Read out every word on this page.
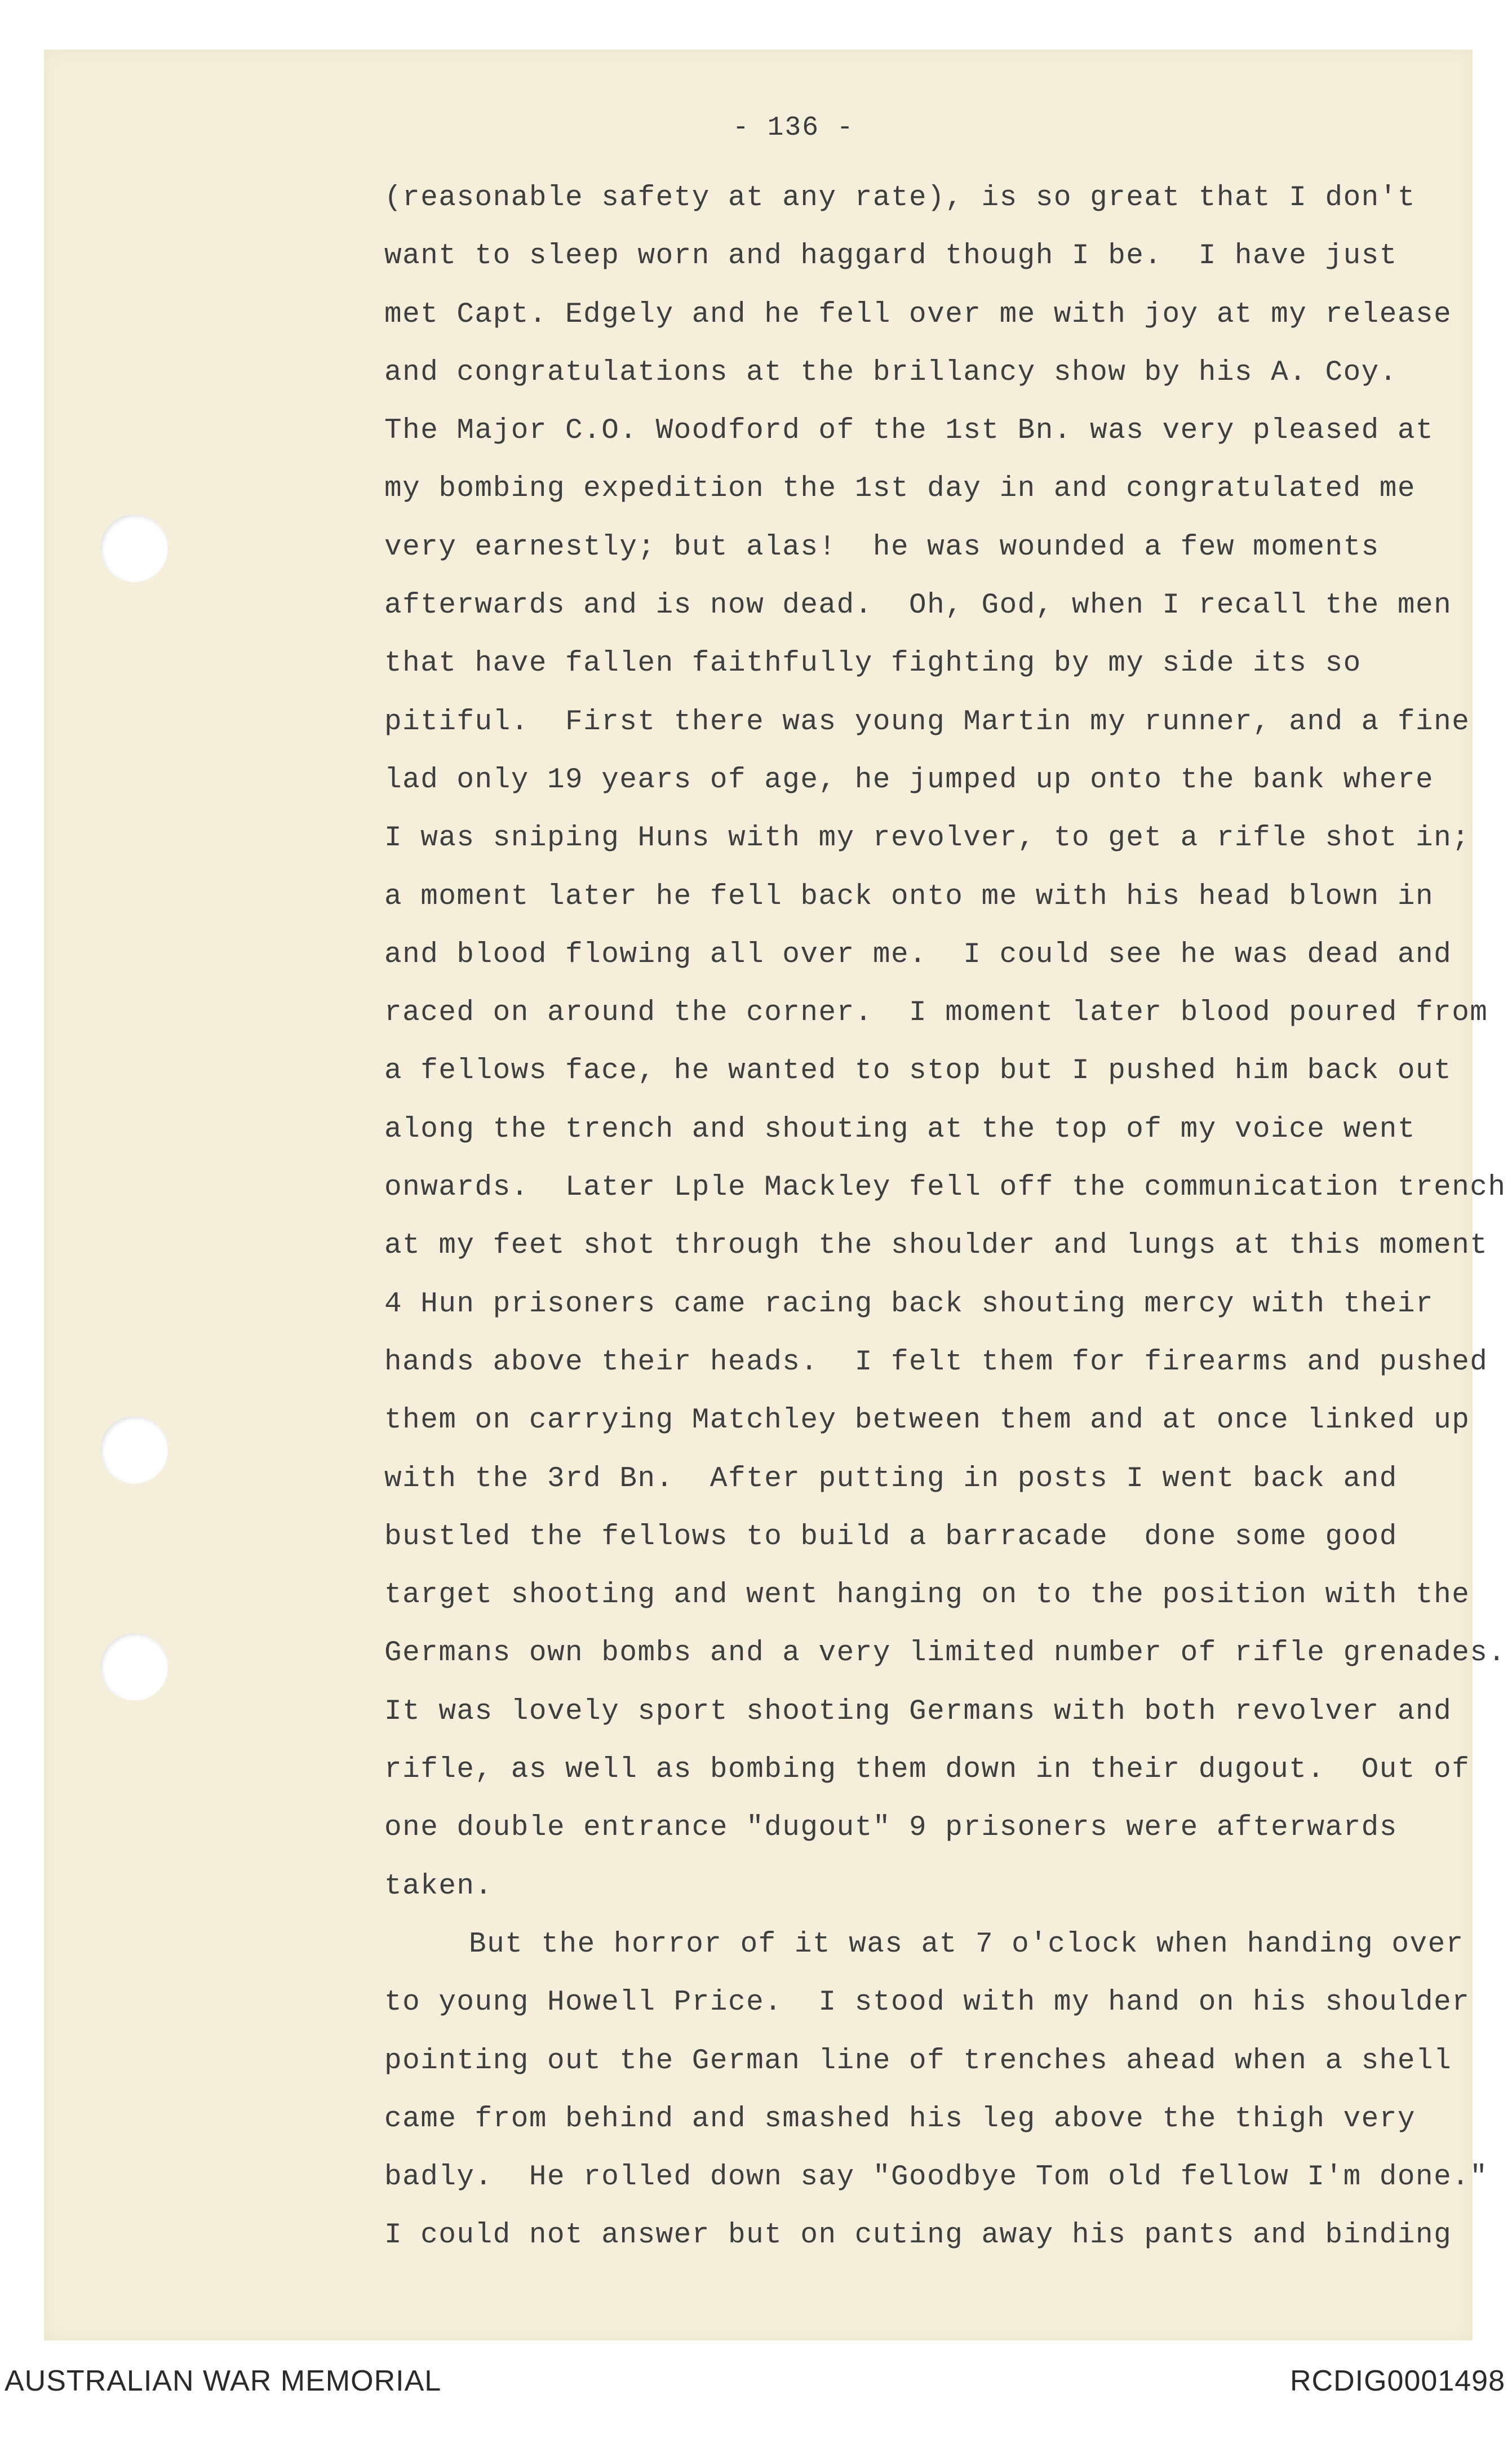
- 136 -
(reasonable safety at any rate), is so great that I don't
want to sleep worn and haggard though I be.  I have just
met Capt. Edgely and he fell over me with joy at my release
and congratulations at the brillancy show by his A. Coy.
The Major C.O. Woodford of the 1st Bn. was very pleased at
my bombing expedition the 1st day in and congratulated me
very earnestly; but alas!  he was wounded a few moments
afterwards and is now dead.  Oh, God, when I recall the men
that have fallen faithfully fighting by my side its so
pitiful.  First there was young Martin my runner, and a fine
lad only 19 years of age, he jumped up onto the bank where
I was sniping Huns with my revolver, to get a rifle shot in;
a moment later he fell back onto me with his head blown in
and blood flowing all over me.  I could see he was dead and
raced on around the corner.  I moment later blood poured from
a fellows face, he wanted to stop but I pushed him back out
along the trench and shouting at the top of my voice went
onwards.  Later Lple Mackley fell off the communication trench
at my feet shot through the shoulder and lungs at this moment
4 Hun prisoners came racing back shouting mercy with their
hands above their heads.  I felt them for firearms and pushed
them on carrying Matchley between them and at once linked up
with the 3rd Bn.  After putting in posts I went back and
bustled the fellows to build a barracade  done some good
target shooting and went hanging on to the position with the
Germans own bombs and a very limited number of rifle grenades.
It was lovely sport shooting Germans with both revolver and
rifle, as well as bombing them down in their dugout.  Out of
one double entrance "dugout" 9 prisoners were afterwards
taken.
But the horror of it was at 7 o'clock when handing over
to young Howell Price.  I stood with my hand on his shoulder
pointing out the German line of trenches ahead when a shell
came from behind and smashed his leg above the thigh very
badly.  He rolled down say "Goodbye Tom old fellow I'm done."
I could not answer but on cuting away his pants and binding
AUSTRALIAN WAR MEMORIAL	RCDIG0001498
